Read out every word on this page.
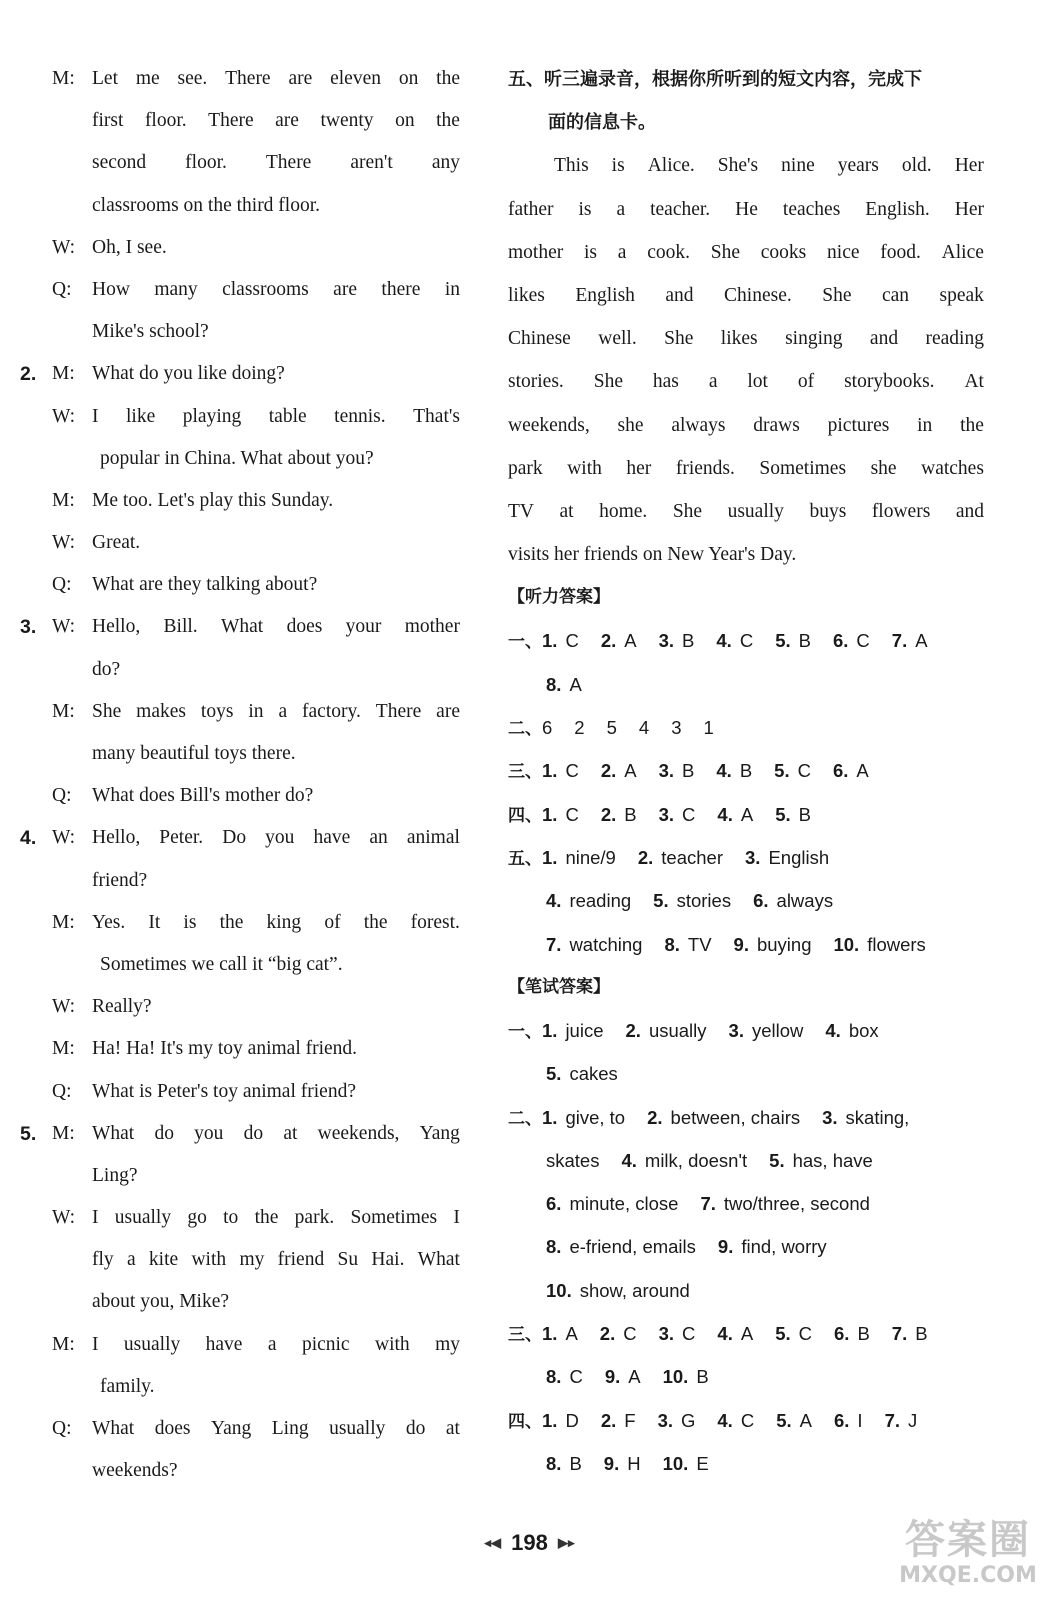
M: Let me see. There are eleven on the
first floor. There are twenty on the
second floor. There aren't any
classrooms on the third floor.
W: Oh, I see.
Q: How many classrooms are there in
Mike's school?
2. M: What do you like doing?
W: I like playing table tennis. That's
popular in China. What about you?
M: Me too. Let's play this Sunday.
W: Great.
Q: What are they talking about?
3. W: Hello, Bill. What does your mother
do?
M: She makes toys in a factory. There are
many beautiful toys there.
Q: What does Bill's mother do?
4. W: Hello, Peter. Do you have an animal
friend?
M: Yes. It is the king of the forest.
Sometimes we call it “big cat”.
W: Really?
M: Ha! Ha! It's my toy animal friend.
Q: What is Peter's toy animal friend?
5. M: What do you do at weekends, Yang
Ling?
W: I usually go to the park. Sometimes I
fly a kite with my friend Su Hai. What
about you, Mike?
M: I usually have a picnic with my
family.
Q: What does Yang Ling usually do at
weekends?
五、听三遍录音，根据你所听到的短文内容，完成下
面的信息卡。
This is Alice. She's nine years old. Her
father is a teacher. He teaches English. Her
mother is a cook. She cooks nice food. Alice
likes English and Chinese. She can speak
Chinese well. She likes singing and reading
stories. She has a lot of storybooks. At
weekends, she always draws pictures in the
park with her friends. Sometimes she watches
TV at home. She usually buys flowers and
visits her friends on New Year's Day.
【听力答案】
一、1. C 2. A 3. B 4. C 5. B 6. C 7. A
8. A
二、6 2 5 4 3 1
三、1. C 2. A 3. B 4. B 5. C 6. A
四、1. C 2. B 3. C 4. A 5. B
五、1. nine/9 2. teacher 3. English
4. reading 5. stories 6. always
7. watching 8. TV 9. buying 10. flowers
【笔试答案】
一、1. juice 2. usually 3. yellow 4. box
5. cakes
二、1. give, to 2. between, chairs 3. skating,
skates 4. milk, doesn't 5. has, have
6. minute, close 7. two/three, second
8. e-friend, emails 9. find, worry
10. show, around
三、1. A 2. C 3. C 4. A 5. C 6. B 7. B
8. C 9. A 10. B
四、1. D 2. F 3. G 4. C 5. A 6. I 7. J
8. B 9. H 10. E
◂◀ 198 ▶▸	答案圈
MXQE.COM
